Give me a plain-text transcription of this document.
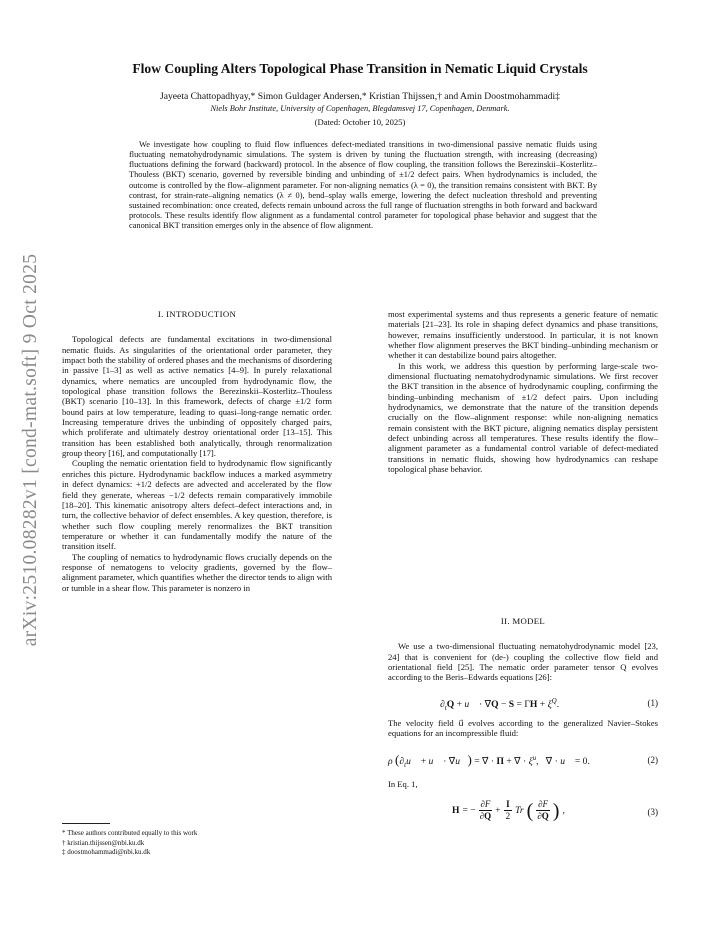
arXiv:2510.08282v1 [cond-mat.soft] 9 Oct 2025
Flow Coupling Alters Topological Phase Transition in Nematic Liquid Crystals
Jayeeta Chattopadhyay,* Simon Guldager Andersen,* Kristian Thijssen,† and Amin Doostmohammadi‡
Niels Bohr Institute, University of Copenhagen, Blegdamsvej 17, Copenhagen, Denmark.
(Dated: October 10, 2025)
We investigate how coupling to fluid flow influences defect-mediated transitions in two-dimensional passive nematic fluids using fluctuating nematohydrodynamic simulations. The system is driven by tuning the fluctuation strength, with increasing (decreasing) fluctuations defining the forward (backward) protocol. In the absence of flow coupling, the transition follows the Berezinskii–Kosterlitz–Thouless (BKT) scenario, governed by reversible binding and unbinding of ±1/2 defect pairs. When hydrodynamics is included, the outcome is controlled by the flow–alignment parameter. For non-aligning nematics (λ = 0), the transition remains consistent with BKT. By contrast, for strain-rate–aligning nematics (λ ≠ 0), bend–splay walls emerge, lowering the defect nucleation threshold and preventing sustained recombination: once created, defects remain unbound across the full range of fluctuation strengths in both forward and backward protocols. These results identify flow alignment as a fundamental control parameter for topological phase behavior and suggest that the canonical BKT transition emerges only in the absence of flow alignment.
I. INTRODUCTION

Topological defects are fundamental excitations in two-dimensional nematic fluids. As singularities of the orientational order parameter, they impact both the stability of ordered phases and the mechanisms of disordering in passive [1–3] as well as active nematics [4–9]. In purely relaxational dynamics, where nematics are uncoupled from hydrodynamic flow, the topological phase transition follows the Berezinskii–Kosterlitz–Thouless (BKT) scenario [10–13]. In this framework, defects of charge ±1/2 form bound pairs at low temperature, leading to quasi–long-range nematic order. Increasing temperature drives the unbinding of oppositely charged pairs, which proliferate and ultimately destroy orientational order [13–15]. This transition has been established both analytically, through renormalization group theory [16], and computationally [17].

Coupling the nematic orientation field to hydrodynamic flow significantly enriches this picture. Hydrodynamic backflow induces a marked asymmetry in defect dynamics: +1/2 defects are advected and accelerated by the flow field they generate, whereas −1/2 defects remain comparatively immobile [18–20]. This kinematic anisotropy alters defect–defect interactions and, in turn, the collective behavior of defect ensembles. A key question, therefore, is whether such flow coupling merely renormalizes the BKT transition temperature or whether it can fundamentally modify the nature of the transition itself.

The coupling of nematics to hydrodynamic flows crucially depends on the response of nematogens to velocity gradients, governed by the flow–alignment parameter, which quantifies whether the director tends to align with or tumble in a shear flow. This parameter is nonzero in

most experimental systems and thus represents a generic feature of nematic materials [21–23]. Its role in shaping defect dynamics and phase transitions, however, remains insufficiently understood. In particular, it is not known whether flow alignment preserves the BKT binding–unbinding mechanism or whether it can destabilize bound pairs altogether.

In this work, we address this question by performing large-scale two-dimensional fluctuating nematohydrodynamic simulations. We first recover the BKT transition in the absence of hydrodynamic coupling, confirming the binding–unbinding mechanism of ±1/2 defect pairs. Upon including hydrodynamics, we demonstrate that the nature of the transition depends crucially on the flow–alignment response: while non-aligning nematics remain consistent with the BKT picture, aligning nematics display persistent defect unbinding across all temperatures. These results identify the flow–alignment parameter as a fundamental control variable of defect-mediated transitions in nematic fluids, showing how hydrodynamics can reshape topological phase behavior.

II. MODEL

We use a two-dimensional fluctuating nematohydrodynamic model [23, 24] that is convenient for (de-) coupling the collective flow field and orientational field [25]. The nematic order parameter tensor Q evolves according to the Beris–Edwards equations [26]:

$\partial_tQ$ + u⃗ · ∇⃗Q − $S = \Gamma H + \xi^Q$.	(1)

The velocity field u⃗ evolves according to the generalized Navier–Stokes equations for an incompressible fluid:

ρ ($\partial_tu⃗$ + u⃗ · ∇⃗u⃗) = ∇⃗ · Π + ∇⃗ · $\xi^u$,   ∇⃗ · u⃗ = 0.	(2)

In Eq. 1,

H = −
∂F
∂Q +
I
2 Tr ( ∂F
∂Q ) ,	(3)
* These authors contributed equally to this work
† kristian.thijssen@nbi.ku.dk
‡ doostmohammadi@nbi.ku.dk
